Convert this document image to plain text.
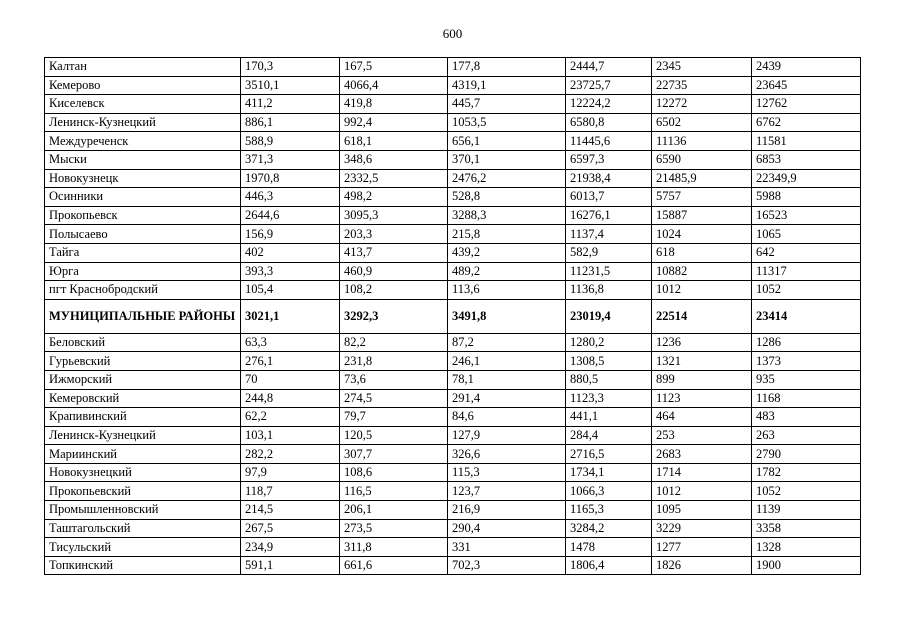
600
Калтан	170,3	167,5	177,8	2444,7	2345	2439
Кемерово	3510,1	4066,4	4319,1	23725,7	22735	23645
Киселевск	411,2	419,8	445,7	12224,2	12272	12762
Ленинск-Кузнецкий	886,1	992,4	1053,5	6580,8	6502	6762
Междуреченск	588,9	618,1	656,1	11445,6	11136	11581
Мыски	371,3	348,6	370,1	6597,3	6590	6853
Новокузнецк	1970,8	2332,5	2476,2	21938,4	21485,9	22349,9
Осинники	446,3	498,2	528,8	6013,7	5757	5988
Прокопьевск	2644,6	3095,3	3288,3	16276,1	15887	16523
Полысаево	156,9	203,3	215,8	1137,4	1024	1065
Тайга	402	413,7	439,2	582,9	618	642
Юрга	393,3	460,9	489,2	11231,5	10882	11317
пгт Краснобродский	105,4	108,2	113,6	1136,8	1012	1052
МУНИЦИПАЛЬНЫЕ РАЙОНЫ	3021,1	3292,3	3491,8	23019,4	22514	23414
Беловский	63,3	82,2	87,2	1280,2	1236	1286
Гурьевский	276,1	231,8	246,1	1308,5	1321	1373
Ижморский	70	73,6	78,1	880,5	899	935
Кемеровский	244,8	274,5	291,4	1123,3	1123	1168
Крапивинский	62,2	79,7	84,6	441,1	464	483
Ленинск-Кузнецкий	103,1	120,5	127,9	284,4	253	263
Мариинский	282,2	307,7	326,6	2716,5	2683	2790
Новокузнецкий	97,9	108,6	115,3	1734,1	1714	1782
Прокопьевский	118,7	116,5	123,7	1066,3	1012	1052
Промышленновский	214,5	206,1	216,9	1165,3	1095	1139
Таштагольский	267,5	273,5	290,4	3284,2	3229	3358
Тисульский	234,9	311,8	331	1478	1277	1328
Топкинский	591,1	661,6	702,3	1806,4	1826	1900
